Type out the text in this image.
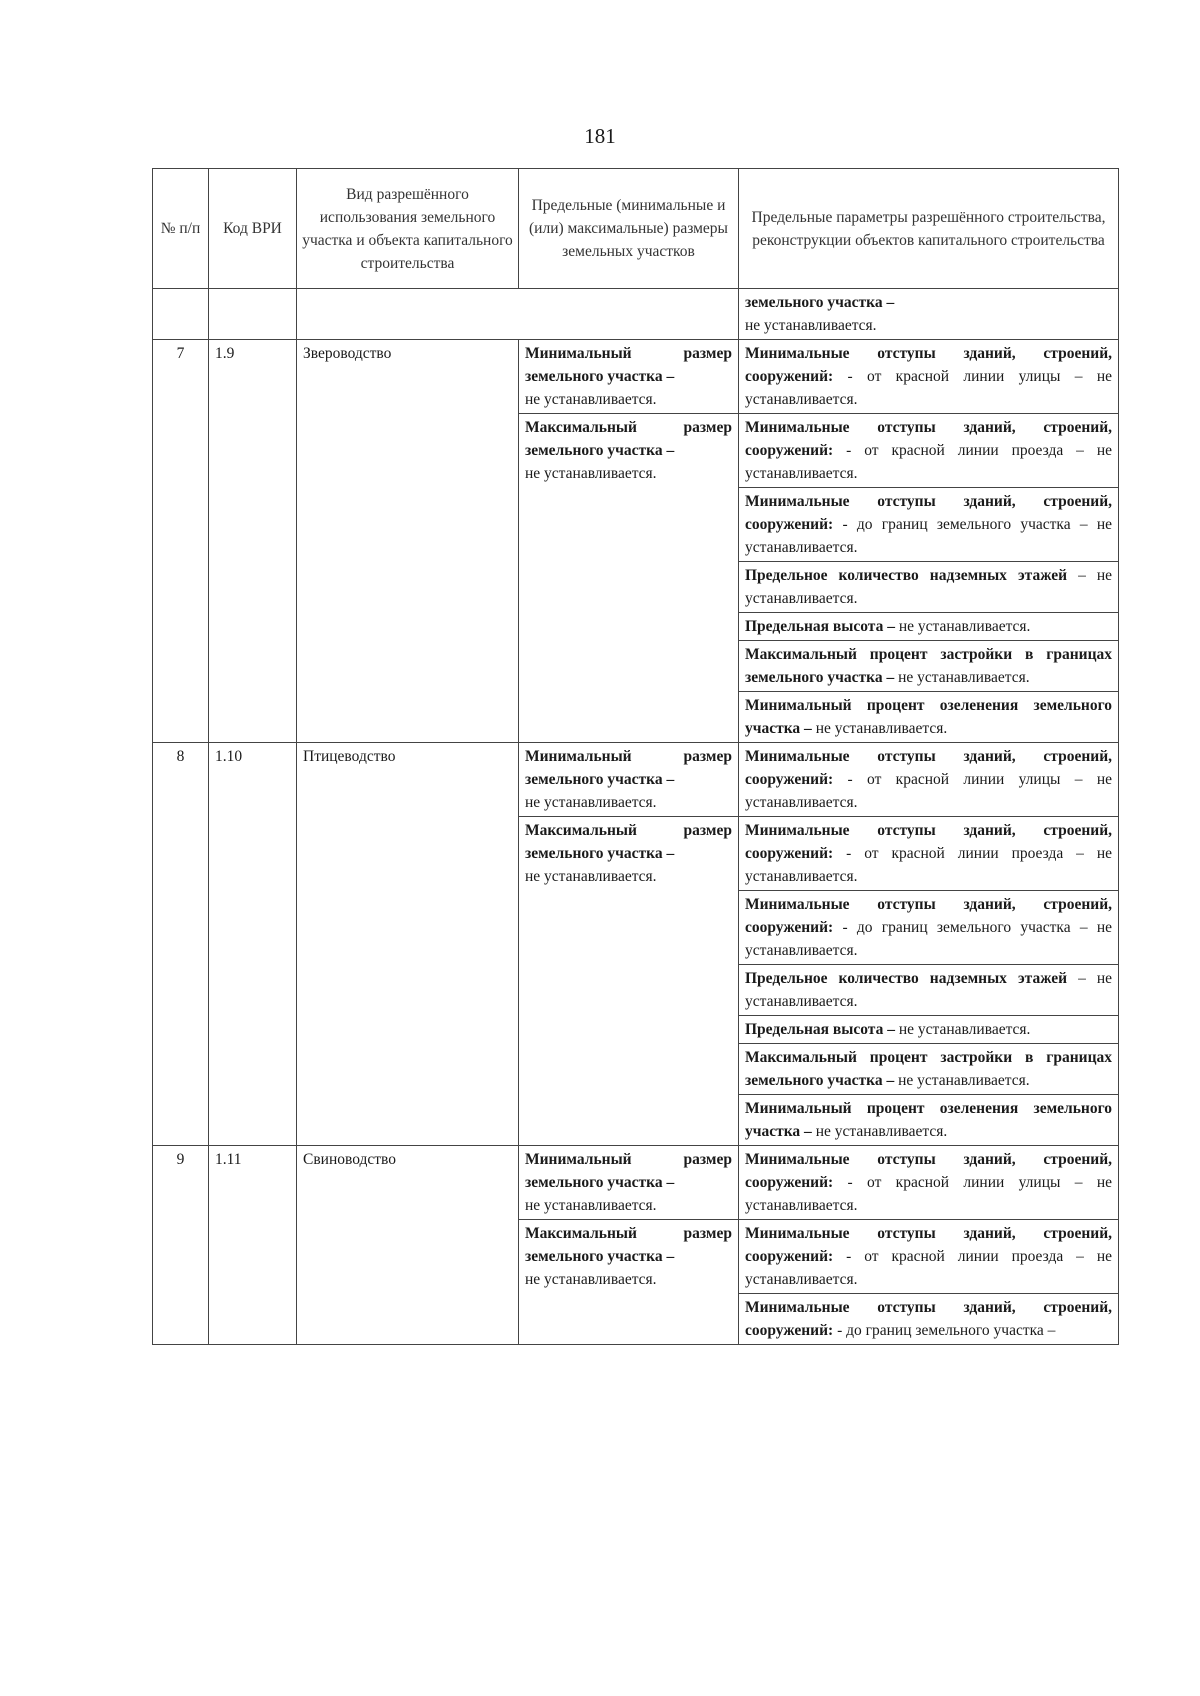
181
№ п/п	Код ВРИ	Вид разрешённого использования земельного участка и объекта капитального строительства	Предельные (минимальные и (или) максимальные) размеры земельных участков	Предельные параметры разрешённого строительства, реконструкции объектов капитального строительства
				земельного участка –
не устанавливается.
7	1.9	Звероводство	Минимальный размер земельного участка –
не устанавливается.	Минимальные отступы зданий, строений, сооружений: - от красной линии улицы – не устанавливается.
			Максимальный размер земельного участка –
не устанавливается.	Минимальные отступы зданий, строений, сооружений: - от красной линии проезда – не устанавливается.
				Минимальные отступы зданий, строений, сооружений: - до границ земельного участка – не устанавливается.
				Предельное количество надземных этажей – не устанавливается.
				Предельная высота – не устанавливается.
				Максимальный процент застройки в границах земельного участка – не устанавливается.
				Минимальный процент озеленения земельного участка – не устанавливается.
8	1.10	Птицеводство	Минимальный размер земельного участка –
не устанавливается.	Минимальные отступы зданий, строений, сооружений: - от красной линии улицы – не устанавливается.
			Максимальный размер земельного участка –
не устанавливается.	Минимальные отступы зданий, строений, сооружений: - от красной линии проезда – не устанавливается.
				Минимальные отступы зданий, строений, сооружений: - до границ земельного участка – не устанавливается.
				Предельное количество надземных этажей – не устанавливается.
				Предельная высота – не устанавливается.
				Максимальный процент застройки в границах земельного участка – не устанавливается.
				Минимальный процент озеленения земельного участка – не устанавливается.
9	1.11	Свиноводство	Минимальный размер земельного участка –
не устанавливается.	Минимальные отступы зданий, строений, сооружений: - от красной линии улицы – не устанавливается.
			Максимальный размер земельного участка –
не устанавливается.	Минимальные отступы зданий, строений, сооружений: - от красной линии проезда – не устанавливается.
				Минимальные отступы зданий, строений, сооружений: - до границ земельного участка –
